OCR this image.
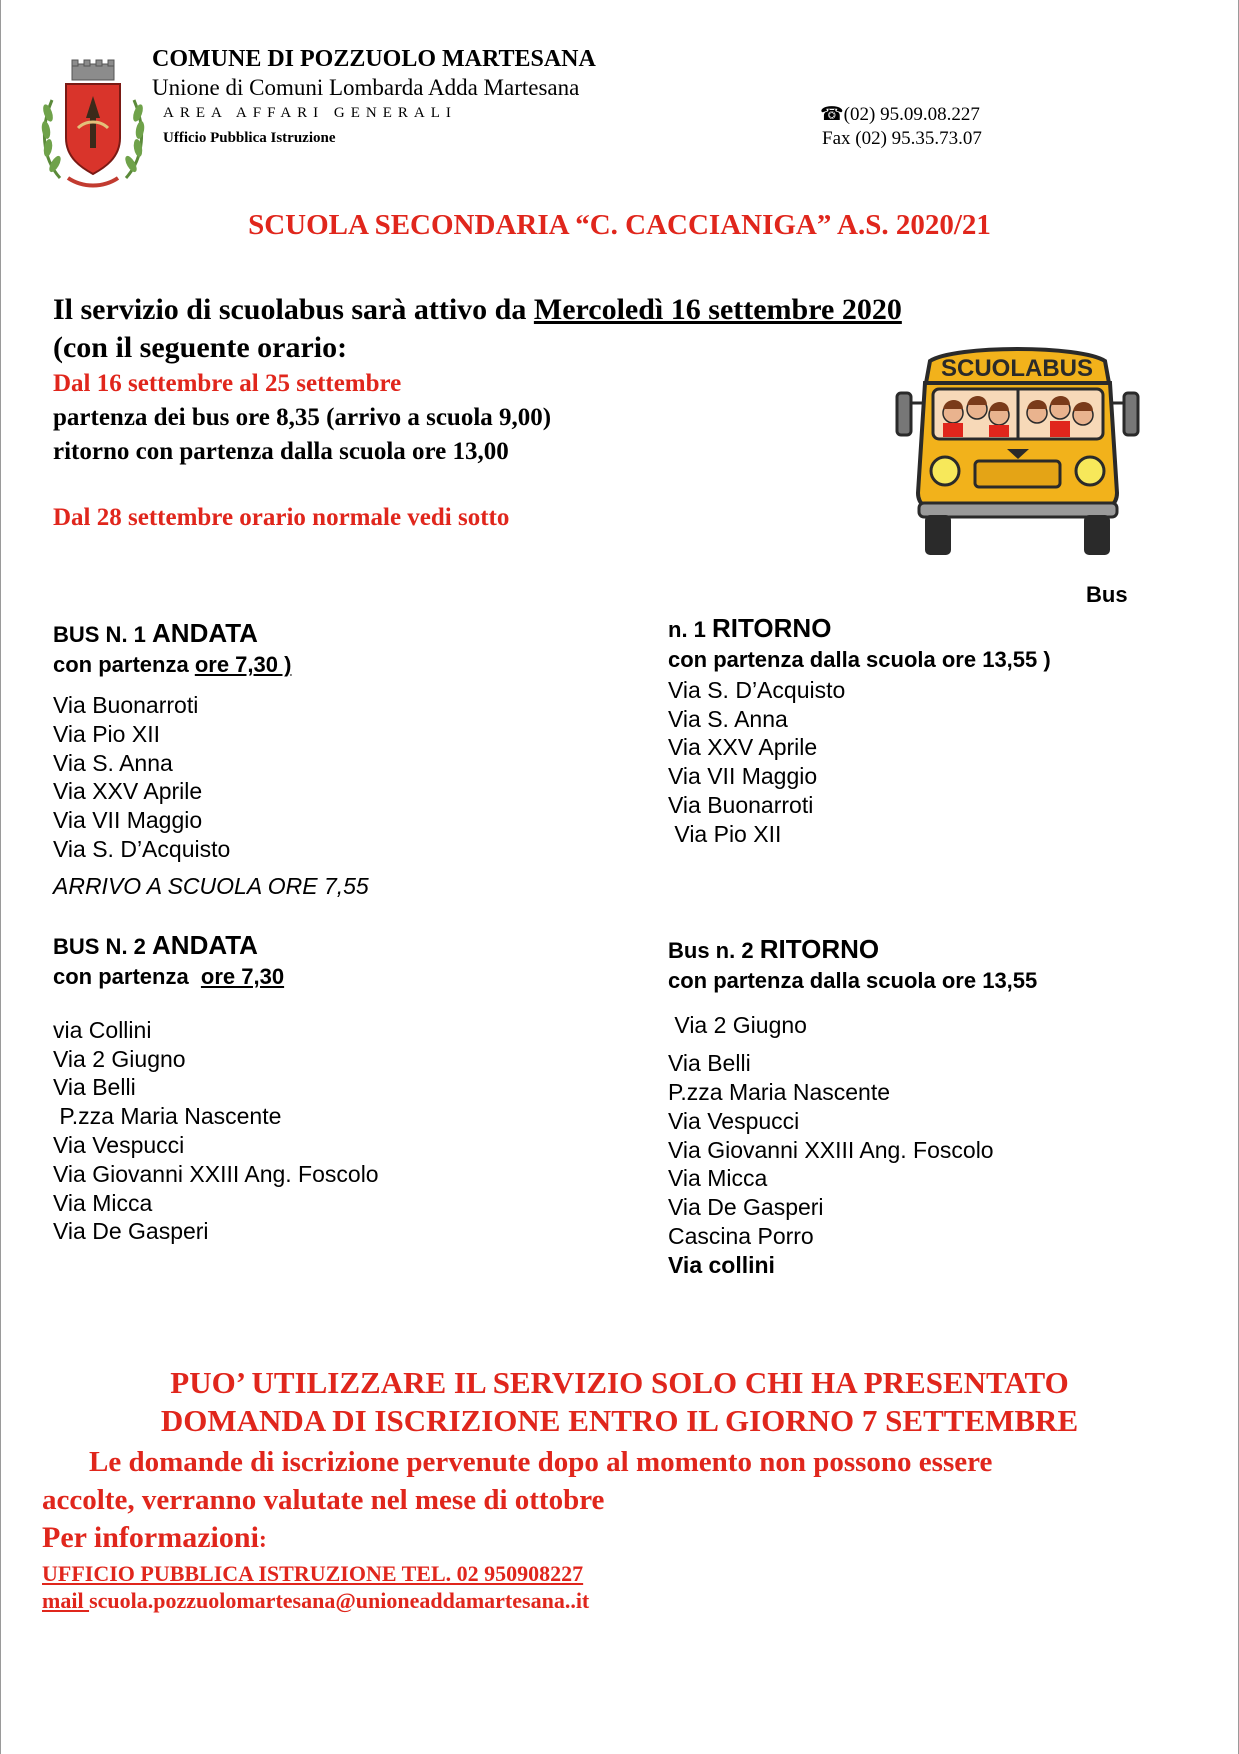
COMUNE DI POZZUOLO MARTESANA
Unione di Comuni Lombarda Adda Martesana
AREA AFFARI GENERALI
Ufficio Pubblica Istruzione
☎(02) 95.09.08.227
Fax (02) 95.35.73.07
SCUOLA SECONDARIA “C. CACCIANIGA” A.S. 2020/21
Il servizio di scuolabus sarà attivo da Mercoledì 16 settembre 2020
(con il seguente orario:
Dal 16 settembre al 25 settembre
partenza dei bus ore 8,35 (arrivo a scuola 9,00)
ritorno con partenza dalla scuola ore 13,00
Dal 28 settembre orario normale vedi sotto
SCUOLABUS
Bus
BUS N. 1 ANDATA
con partenza ore 7,30 )
Via Buonarroti
Via Pio XII
Via S. Anna
Via XXV Aprile
Via VII Maggio
Via S. D’Acquisto
ARRIVO A SCUOLA ORE 7,55
n. 1 RITORNO
con partenza dalla scuola ore 13,55 )
Via S. D’Acquisto
Via S. Anna
Via XXV Aprile
Via VII Maggio
Via Buonarroti
Via Pio XII
BUS N. 2 ANDATA
con partenza  ore 7,30
via Collini
Via 2 Giugno
Via Belli
P.zza Maria Nascente
Via Vespucci
Via Giovanni XXIII Ang. Foscolo
Via Micca
Via De Gasperi
Bus n. 2 RITORNO
con partenza dalla scuola ore 13,55
Via 2 Giugno
Via Belli
P.zza Maria Nascente
Via Vespucci
Via Giovanni XXIII Ang. Foscolo
Via Micca
Via De Gasperi
Cascina Porro
Via collini
PUO’ UTILIZZARE IL SERVIZIO SOLO CHI HA PRESENTATO
DOMANDA DI ISCRIZIONE ENTRO IL GIORNO 7 SETTEMBRE
Le domande di iscrizione pervenute dopo al momento non possono essere
accolte, verranno valutate nel mese di ottobre
Per informazioni:
UFFICIO PUBBLICA ISTRUZIONE TEL. 02 950908227
mail scuola.pozzuolomartesana@unioneaddamartesana..it
